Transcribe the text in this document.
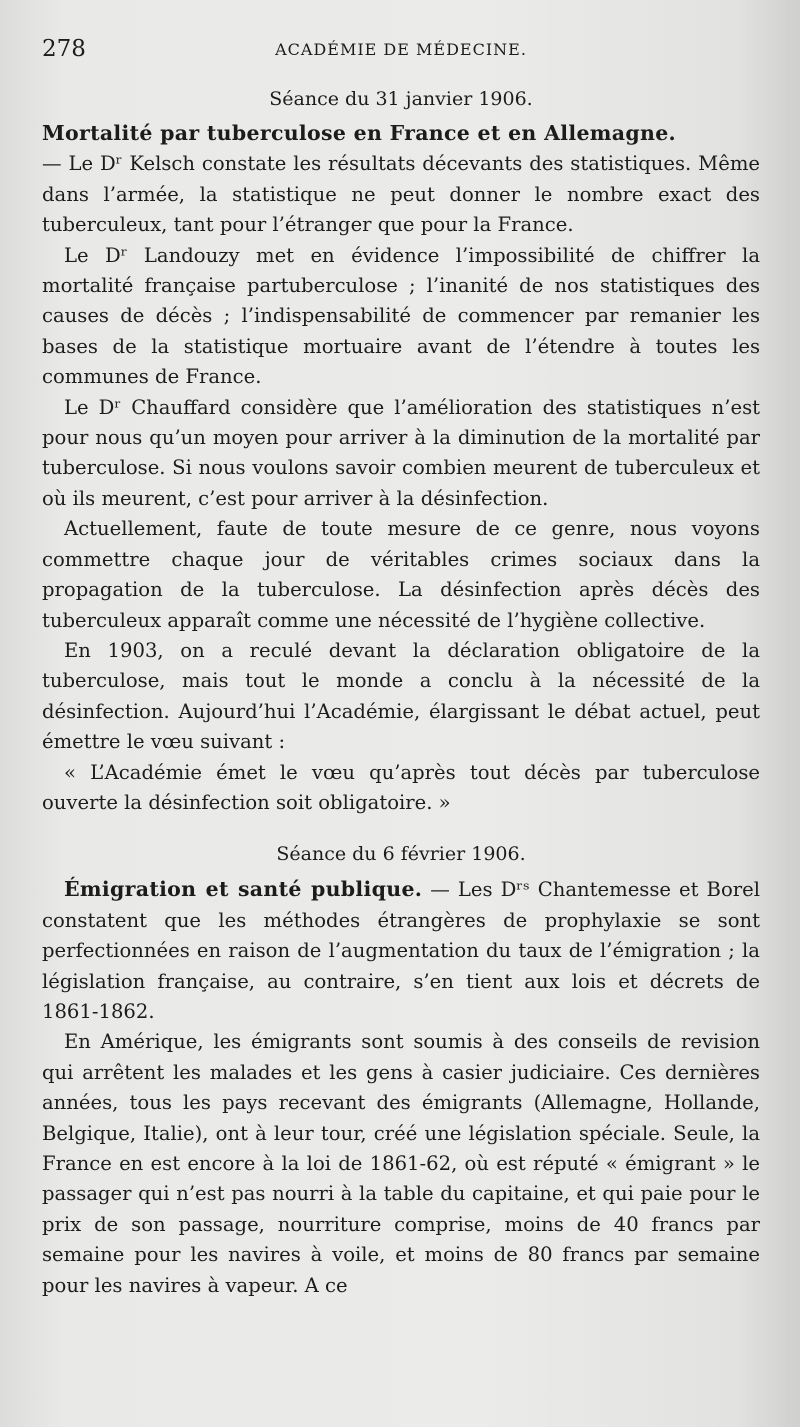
278	ACADÉMIE DE MÉDECINE.
Séance du 31 janvier 1906.

Mortalité par tuberculose en France et en Allemagne.
— Le Dʳ Kelsch constate les résultats décevants des statistiques. Même dans l’armée, la statistique ne peut donner le nombre exact des tuberculeux, tant pour l’étranger que pour la France.

Le Dʳ Landouzy met en évidence l’impossibilité de chiffrer la mortalité française partuberculose ; l’inanité de nos statistiques des causes de décès ; l’indispensabilité de commencer par remanier les bases de la statistique mortuaire avant de l’étendre à toutes les communes de France.

Le Dʳ Chauffard considère que l’amélioration des statistiques n’est pour nous qu’un moyen pour arriver à la diminution de la mortalité par tuberculose. Si nous voulons savoir combien meurent de tuberculeux et où ils meurent, c’est pour arriver à la désinfection.

Actuellement, faute de toute mesure de ce genre, nous voyons commettre chaque jour de véritables crimes sociaux dans la propagation de la tuberculose. La désinfection après décès des tuberculeux apparaît comme une nécessité de l’hygiène collective.

En 1903, on a reculé devant la déclaration obligatoire de la tuberculose, mais tout le monde a conclu à la nécessité de la désinfection. Aujourd’hui l’Académie, élargissant le débat actuel, peut émettre le vœu suivant :

« L’Académie émet le vœu qu’après tout décès par tuberculose ouverte la désinfection soit obligatoire. »

Séance du 6 février 1906.

Émigration et santé publique. — Les Dʳˢ Chantemesse et Borel constatent que les méthodes étrangères de prophylaxie se sont perfectionnées en raison de l’augmentation du taux de l’émigration ; la législation française, au contraire, s’en tient aux lois et décrets de 1861-1862.

En Amérique, les émigrants sont soumis à des conseils de revision qui arrêtent les malades et les gens à casier judiciaire. Ces dernières années, tous les pays recevant des émigrants (Allemagne, Hollande, Belgique, Italie), ont à leur tour, créé une législation spéciale. Seule, la France en est encore à la loi de 1861-62, où est réputé « émigrant » le passager qui n’est pas nourri à la table du capitaine, et qui paie pour le prix de son passage, nourriture comprise, moins de 40 francs par semaine pour les navires à voile, et moins de 80 francs par semaine pour les navires à vapeur. A ce
